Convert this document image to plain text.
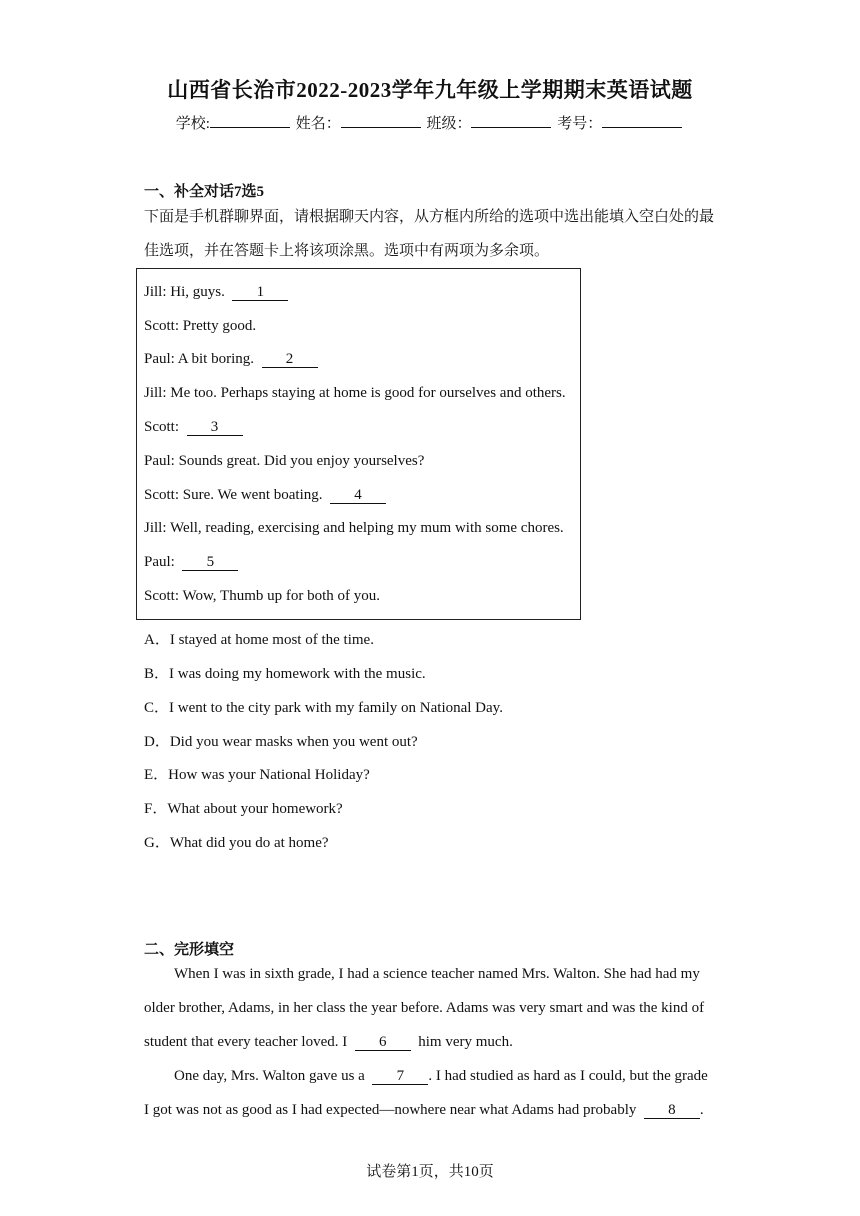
山西省长治市2022-2023学年九年级上学期期末英语试题
学校:	姓名：	班级：	考号：
一、补全对话7选5
下面是手机群聊界面，请根据聊天内容，从方框内所给的选项中选出能填入空白处的最
佳选项，并在答题卡上将该项涂黑。选项中有两项为多余项。
Jill: Hi, guys. 1
Scott: Pretty good.
Paul: A bit boring. 2
Jill: Me too. Perhaps staying at home is good for ourselves and others.
Scott: 3
Paul: Sounds great. Did you enjoy yourselves?
Scott: Sure. We went boating. 4
Jill: Well, reading, exercising and helping my mum with some chores.
Paul: 5
Scott: Wow, Thumb up for both of you.
A．I stayed at home most of the time.
B．I was doing my homework with the music.
C．I went to the city park with my family on National Day.
D．Did you wear masks when you went out?
E．How was your National Holiday?
F．What about your homework?
G．What did you do at home?
二、完形填空
When I was in sixth grade, I had a science teacher named Mrs. Walton. She had had my
older brother, Adams, in her class the year before. Adams was very smart and was the kind of
student that every teacher loved. I 6 him very much.
One day, Mrs. Walton gave us a 7 . I had studied as hard as I could, but the grade
I got was not as good as I had expected—nowhere near what Adams had probably 8 .
试卷第1页，共10页
